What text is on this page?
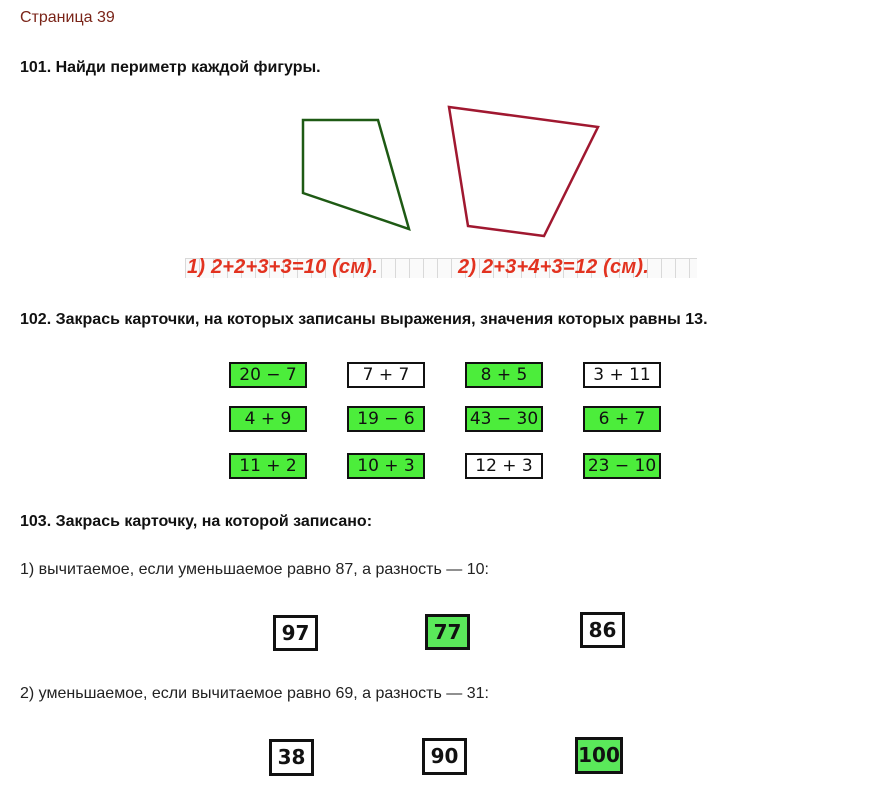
Страница 39
101. Найди периметр каждой фигуры.
1) 2+2+3+3=10 (см).	2) 2+3+4+3=12 (см).
102. Закрась карточки, на которых записаны выражения, значения которых равны 13.
20 − 7	7 + 7	8 + 5	3 + 11
4 + 9	19 − 6	43 − 30	6 + 7
11 + 2	10 + 3	12 + 3	23 − 10
103. Закрась карточку, на которой записано:
1) вычитаемое, если уменьшаемое равно 87, а разность — 10:
97	77	86
2) уменьшаемое, если вычитаемое равно 69, а разность — 31:
38	90	100
